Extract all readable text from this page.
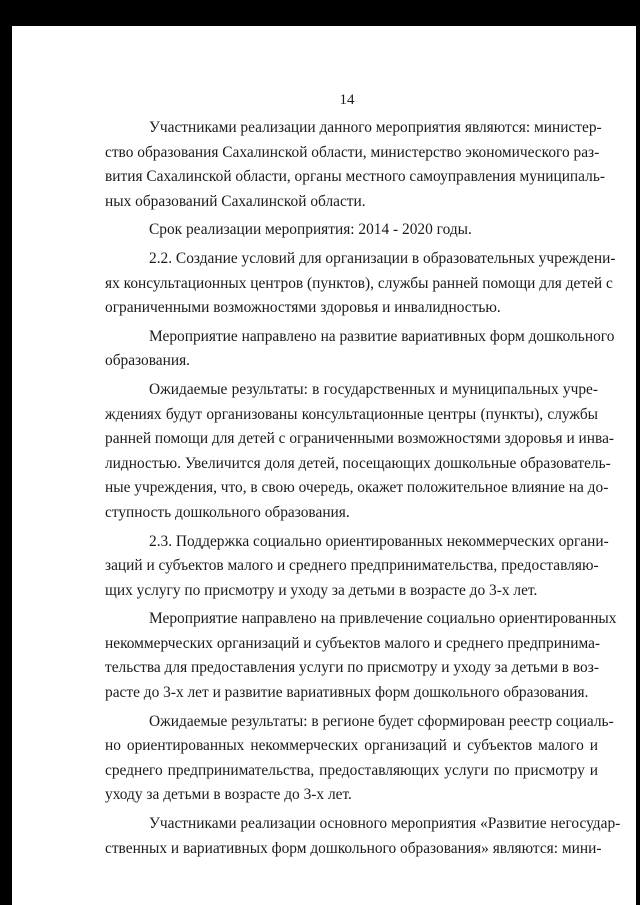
14

Участниками реализации данного мероприятия являются: министер-
ство образования Сахалинской области, министерство экономического раз-
вития Сахалинской области, органы местного самоуправления муниципаль-
ных образований Сахалинской области.

Срок реализации мероприятия: 2014 - 2020 годы.

2.2. Создание условий для организации в образовательных учреждени-
ях консультационных центров (пунктов), службы ранней помощи для детей с
ограниченными возможностями здоровья и инвалидностью.

Мероприятие направлено на развитие вариативных форм дошкольного
образования.

Ожидаемые результаты: в государственных и муниципальных учре-
ждениях будут организованы консультационные центры (пункты), службы
ранней помощи для детей с ограниченными возможностями здоровья и инва-
лидностью. Увеличится доля детей, посещающих дошкольные образователь-
ные учреждения, что, в свою очередь, окажет положительное влияние на до-
ступность дошкольного образования.

2.3. Поддержка социально ориентированных некоммерческих органи-
заций и субъектов малого и среднего предпринимательства, предоставляю-
щих услугу по присмотру и уходу за детьми в возрасте до 3-х лет.

Мероприятие направлено на привлечение социально ориентированных
некоммерческих организаций и субъектов малого и среднего предпринима-
тельства для предоставления услуги по присмотру и уходу за детьми в воз-
расте до 3-х лет и развитие вариативных форм дошкольного образования.

Ожидаемые результаты: в регионе будет сформирован реестр социаль-
но ориентированных некоммерческих организаций и субъектов малого и
среднего предпринимательства, предоставляющих услуги по присмотру и
уходу за детьми в возрасте до 3-х лет.

Участниками реализации основного мероприятия «Развитие негосудар-
ственных и вариативных форм дошкольного образования» являются: мини-
